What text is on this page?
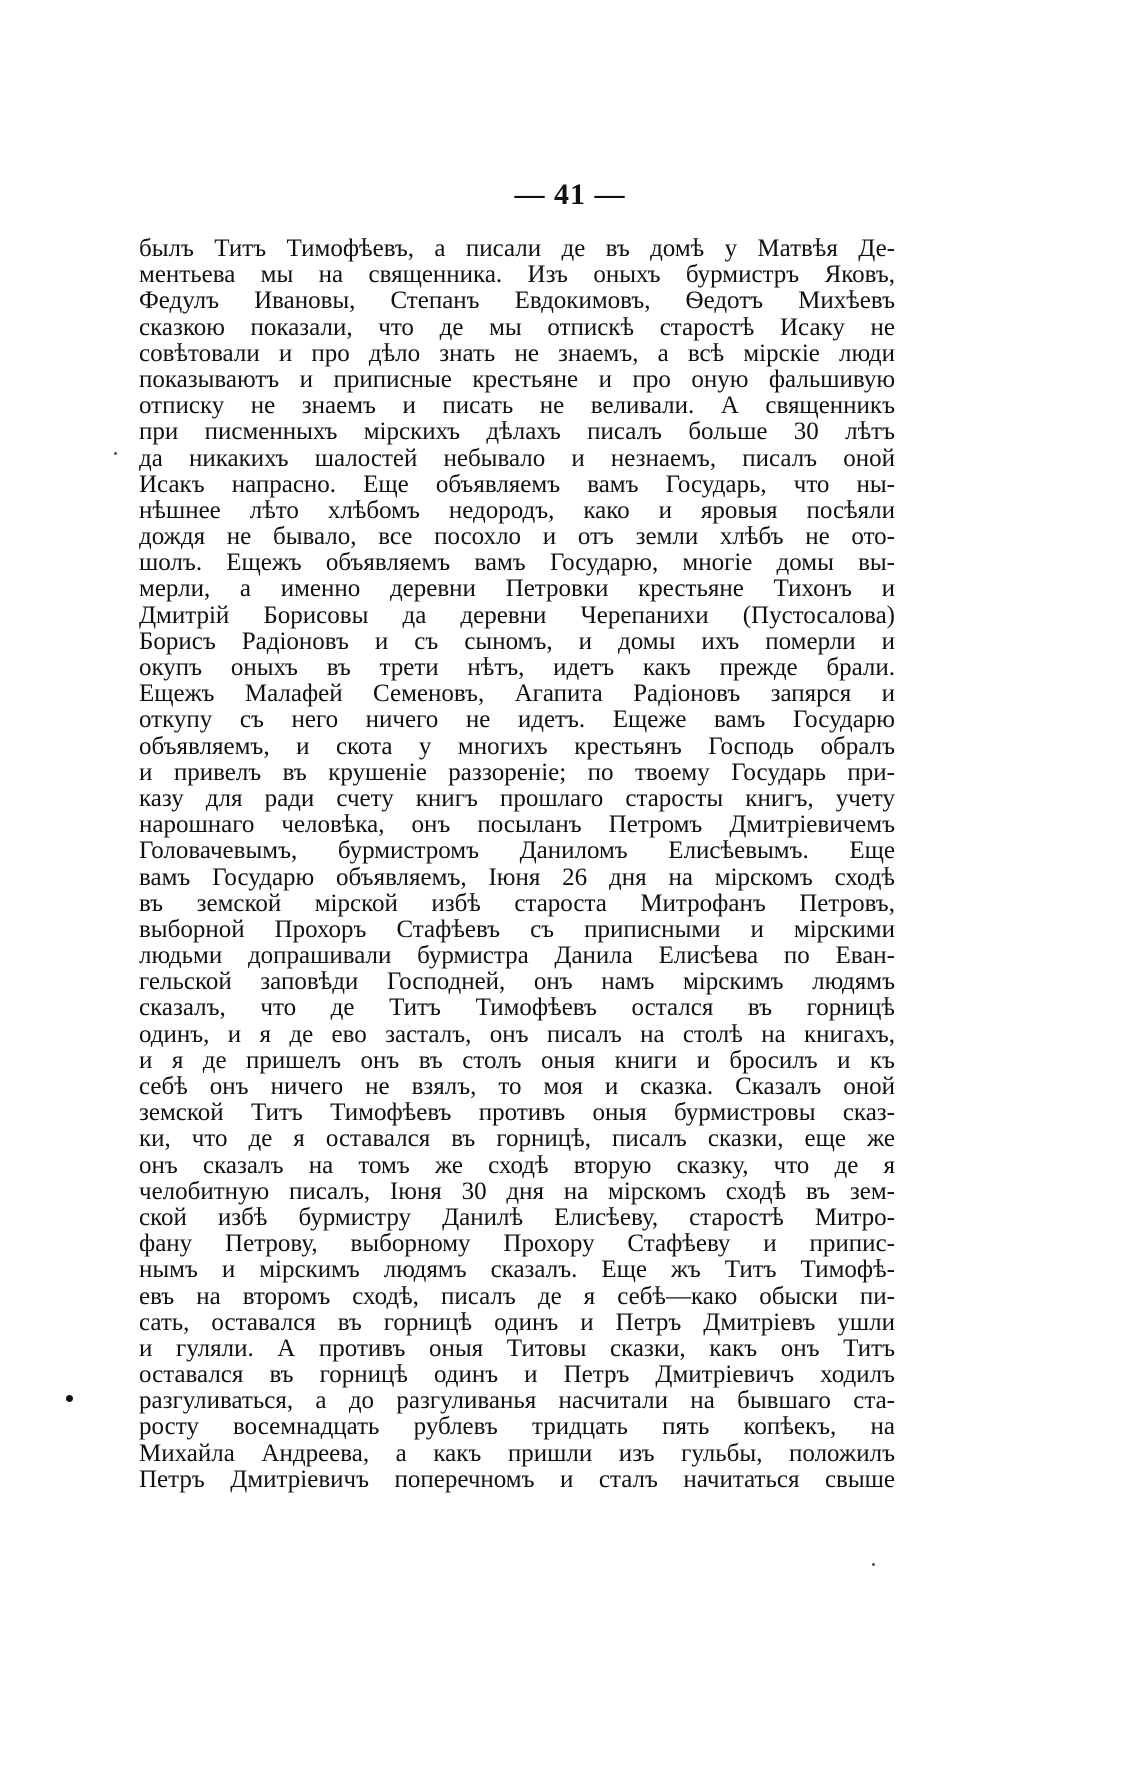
— 41 —
былъ Титъ Тимофѣевъ, а писали де въ домѣ у Матвѣя Де-
ментьева мы на священника. Изъ оныхъ бурмистръ Яковъ,
Федулъ Ивановы, Степанъ Евдокимовъ, Ѳедотъ Михѣевъ
сказкою показали, что де мы отпискѣ старостѣ Исаку не
совѣтовали и про дѣло знать не знаемъ, а всѣ мірскіе люди
показываютъ и приписные крестьяне и про оную фальшивую
отписку не знаемъ и писать не веливали. А священникъ
при писменныхъ мірскихъ дѣлахъ писалъ больше 30 лѣтъ
да никакихъ шалостей небывало и незнаемъ, писалъ оной
Исакъ напрасно. Еще объявляемъ вамъ Государь, что ны-
нѣшнее лѣто хлѣбомъ недородъ, како и яровыя посѣяли
дождя не бывало, все посохло и отъ земли хлѣбъ не ото-
шолъ. Ещежъ объявляемъ вамъ Государю, многіе домы вы-
мерли, а именно деревни Петровки крестьяне Тихонъ и
Дмитрій Борисовы да деревни Черепанихи (Пустосалова)
Борисъ Радіоновъ и съ сыномъ, и домы ихъ померли и
окупъ оныхъ въ трети нѣтъ, идетъ какъ прежде брали.
Ещежъ Малафей Семеновъ, Агапита Радіоновъ запярся и
откупу съ него ничего не идетъ. Ещеже вамъ Государю
объявляемъ, и скота у многихъ крестьянъ Господь обралъ
и привелъ въ крушеніе раззореніе; по твоему Государь при-
казу для ради счету книгъ прошлаго старосты книгъ, учету
нарошнаго человѣка, онъ посыланъ Петромъ Дмитріевичемъ
Головачевымъ, бурмистромъ Даниломъ Елисѣевымъ. Еще
вамъ Государю объявляемъ, Іюня 26 дня на мірскомъ сходѣ
въ земской мірской избѣ староста Митрофанъ Петровъ,
выборной Прохоръ Стафѣевъ съ приписными и мірскими
людьми допрашивали бурмистра Данила Елисѣева по Еван-
гельской заповѣди Господней, онъ намъ мірскимъ людямъ
сказалъ, что де Титъ Тимофѣевъ остался въ горницѣ
одинъ, и я де ево засталъ, онъ писалъ на столѣ на книгахъ,
и я де пришелъ онъ въ столъ оныя книги и бросилъ и къ
себѣ онъ ничего не взялъ, то моя и сказка. Сказалъ оной
земской Титъ Тимофѣевъ противъ оныя бурмистровы сказ-
ки, что де я оставался въ горницѣ, писалъ сказки, еще же
онъ сказалъ на томъ же сходѣ вторую сказку, что де я
челобитную писалъ, Іюня 30 дня на мірскомъ сходѣ въ зем-
ской избѣ бурмистру Данилѣ Елисѣеву, старостѣ Митро-
фану Петрову, выборному Прохору Стафѣеву и припис-
нымъ и мірскимъ людямъ сказалъ. Еще жъ Титъ Тимофѣ-
евъ на второмъ сходѣ, писалъ де я себѣ—како обыски пи-
сать, оставался въ горницѣ одинъ и Петръ Дмитріевъ ушли
и гуляли. А противъ оныя Титовы сказки, какъ онъ Титъ
оставался въ горницѣ одинъ и Петръ Дмитріевичъ ходилъ
разгуливаться, а до разгуливанья насчитали на бывшаго ста-
росту восемнадцать рублевъ тридцать пять копѣекъ, на
Михайла Андреева, а какъ пришли изъ гульбы, положилъ
Петръ Дмитріевичъ поперечномъ и сталъ начитаться свыше
